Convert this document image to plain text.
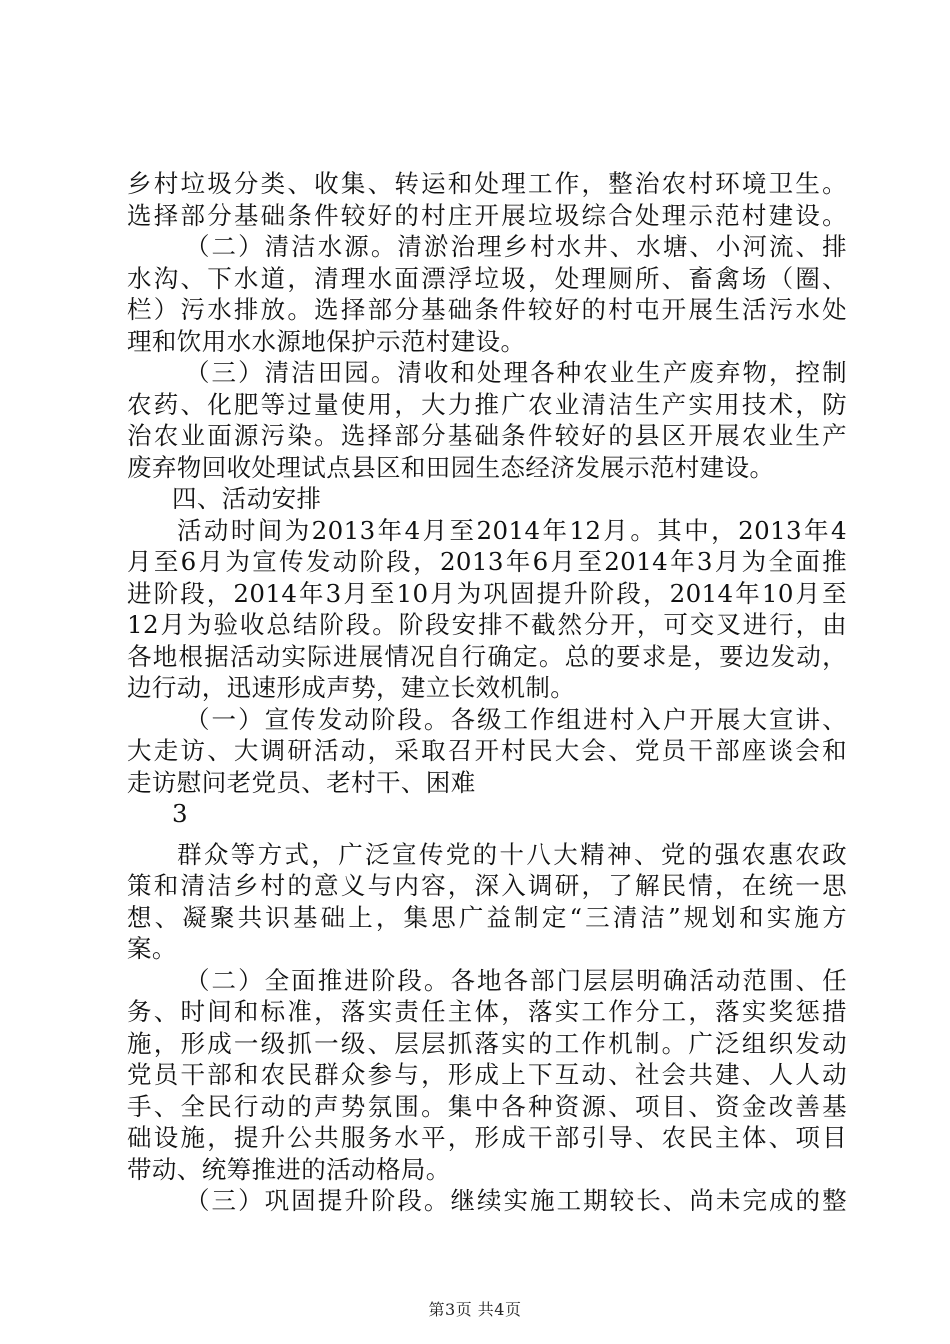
乡村垃圾分类、收集、转运和处理工作，整治农村环境卫生。
选择部分基础条件较好的村庄开展垃圾综合处理示范村建设。
（二）清洁水源。清淤治理乡村水井、水塘、小河流、排
水沟、下水道，清理水面漂浮垃圾，处理厕所、畜禽场（圈、
栏）污水排放。选择部分基础条件较好的村屯开展生活污水处
理和饮用水水源地保护示范村建设。
（三）清洁田园。清收和处理各种农业生产废弃物，控制
农药、化肥等过量使用，大力推广农业清洁生产实用技术，防
治农业面源污染。选择部分基础条件较好的县区开展农业生产
废弃物回收处理试点县区和田园生态经济发展示范村建设。
四、活动安排
活动时间为2013年4月至2014年12月。其中，2013年4
月至6月为宣传发动阶段，2013年6月至2014年3月为全面推
进阶段，2014年3月至10月为巩固提升阶段，2014年10月至
12月为验收总结阶段。阶段安排不截然分开，可交叉进行，由
各地根据活动实际进展情况自行确定。总的要求是，要边发动，
边行动，迅速形成声势，建立长效机制。
（一）宣传发动阶段。各级工作组进村入户开展大宣讲、
大走访、大调研活动，采取召开村民大会、党员干部座谈会和
走访慰问老党员、老村干、困难
3
群众等方式，广泛宣传党的十八大精神、党的强农惠农政
策和清洁乡村的意义与内容，深入调研，了解民情，在统一思
想、凝聚共识基础上，集思广益制定“三清洁”规划和实施方
案。
（二）全面推进阶段。各地各部门层层明确活动范围、任
务、时间和标准，落实责任主体，落实工作分工，落实奖惩措
施，形成一级抓一级、层层抓落实的工作机制。广泛组织发动
党员干部和农民群众参与，形成上下互动、社会共建、人人动
手、全民行动的声势氛围。集中各种资源、项目、资金改善基
础设施，提升公共服务水平，形成干部引导、农民主体、项目
带动、统筹推进的活动格局。
（三）巩固提升阶段。继续实施工期较长、尚未完成的整
第3页 共4页
